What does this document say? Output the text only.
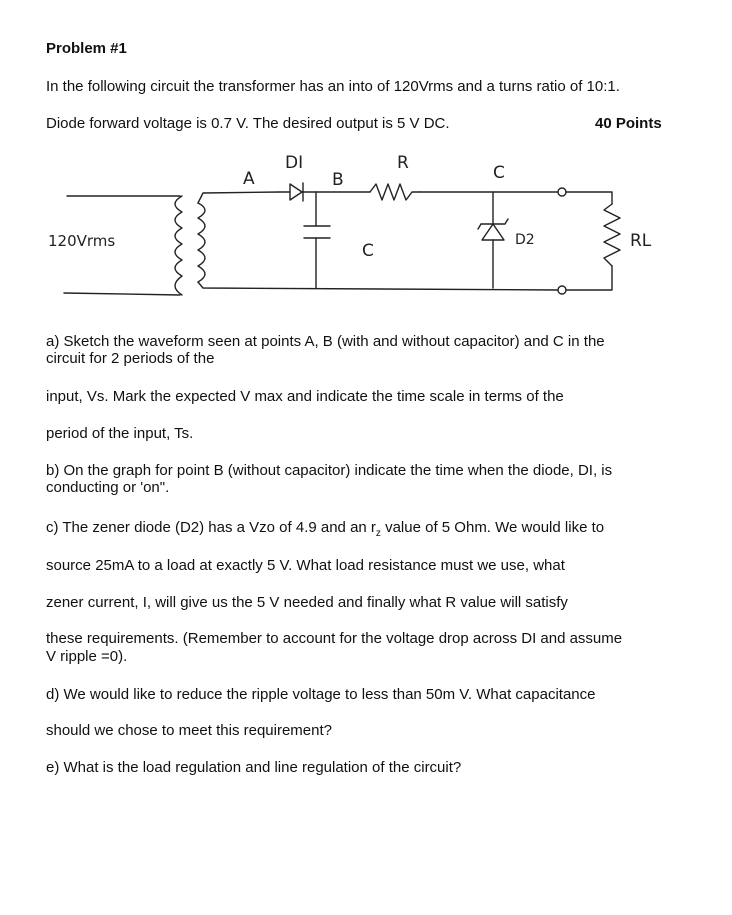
Problem #1
In the following circuit the transformer has an into of 120Vrms and a turns ratio of 10:1.
Diode forward voltage is 0.7 V. The desired output is 5 V DC.	40 Points
120Vrms
A
DI
B
R	C
C
D2	RL
a) Sketch the waveform seen at points A, B (with and without capacitor) and C in the
circuit for 2 periods of the
input, Vs. Mark the expected V max and indicate the time scale in terms of the
period of the input, Ts.
b) On the graph for point B (without capacitor) indicate the time when the diode, DI, is
conducting or 'on".
c) The zener diode (D2) has a Vzo of 4.9 and an $r_z$ value of 5 Ohm. We would like to
source 25mA to a load at exactly 5 V. What load resistance must we use, what
zener current, I, will give us the 5 V needed and finally what R value will satisfy
these requirements. (Remember to account for the voltage drop across DI and assume
V ripple =0).
d) We would like to reduce the ripple voltage to less than 50m V. What capacitance
should we chose to meet this requirement?
e) What is the load regulation and line regulation of the circuit?
